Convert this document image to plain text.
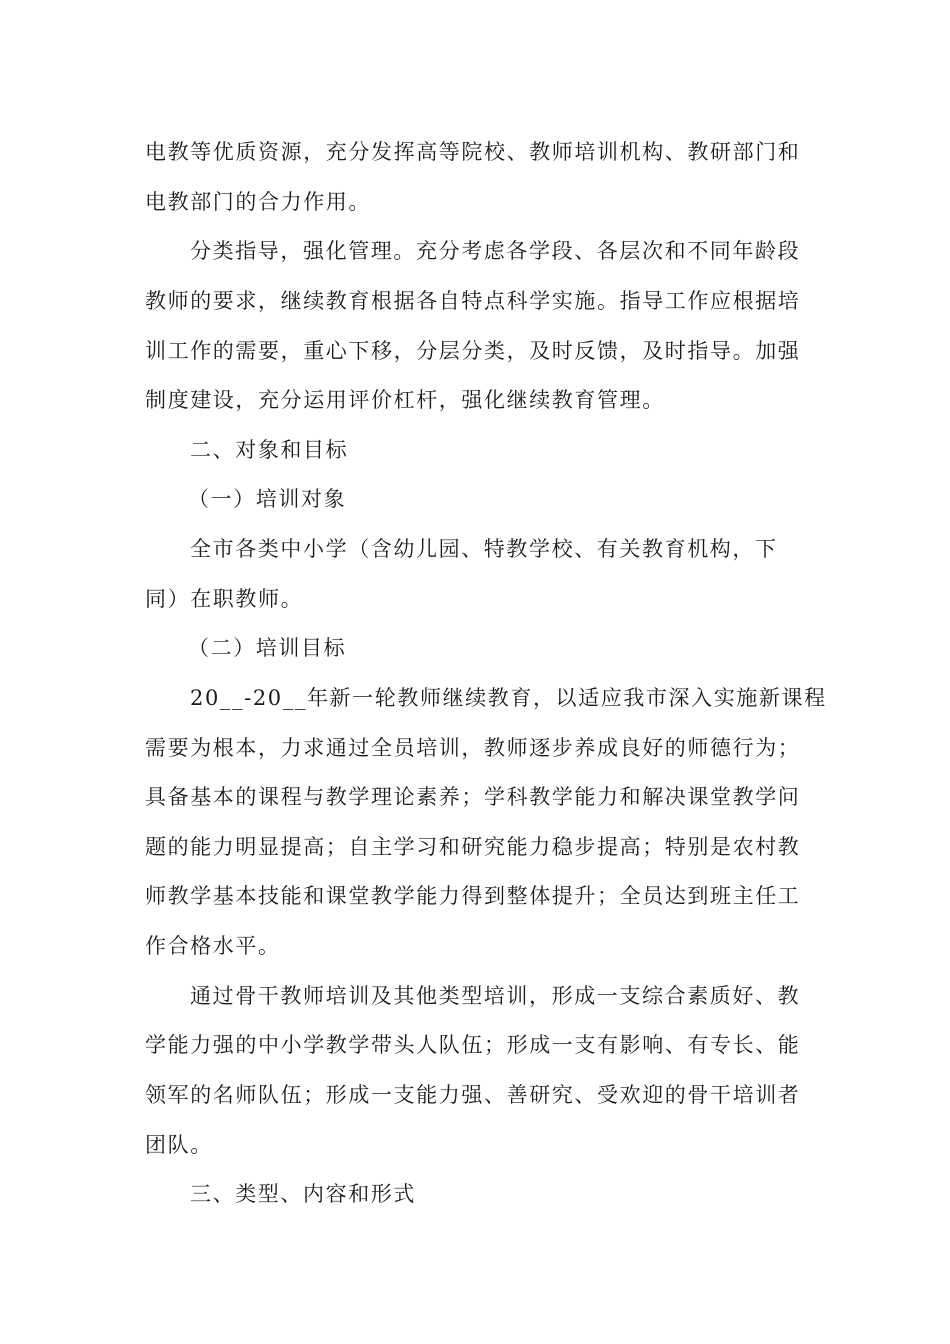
电教等优质资源，充分发挥高等院校、教师培训机构、教研部门和
电教部门的合力作用。
分类指导，强化管理。充分考虑各学段、各层次和不同年龄段
教师的要求，继续教育根据各自特点科学实施。指导工作应根据培
训工作的需要，重心下移，分层分类，及时反馈，及时指导。加强
制度建设，充分运用评价杠杆，强化继续教育管理。
二、对象和目标
（一）培训对象
全市各类中小学（含幼儿园、特教学校、有关教育机构，下
同）在职教师。
（二）培训目标
20__-20__年新一轮教师继续教育，以适应我市深入实施新课程
需要为根本，力求通过全员培训，教师逐步养成良好的师德行为；
具备基本的课程与教学理论素养；学科教学能力和解决课堂教学问
题的能力明显提高；自主学习和研究能力稳步提高；特别是农村教
师教学基本技能和课堂教学能力得到整体提升；全员达到班主任工
作合格水平。
通过骨干教师培训及其他类型培训，形成一支综合素质好、教
学能力强的中小学教学带头人队伍；形成一支有影响、有专长、能
领军的名师队伍；形成一支能力强、善研究、受欢迎的骨干培训者
团队。
三、类型、内容和形式
